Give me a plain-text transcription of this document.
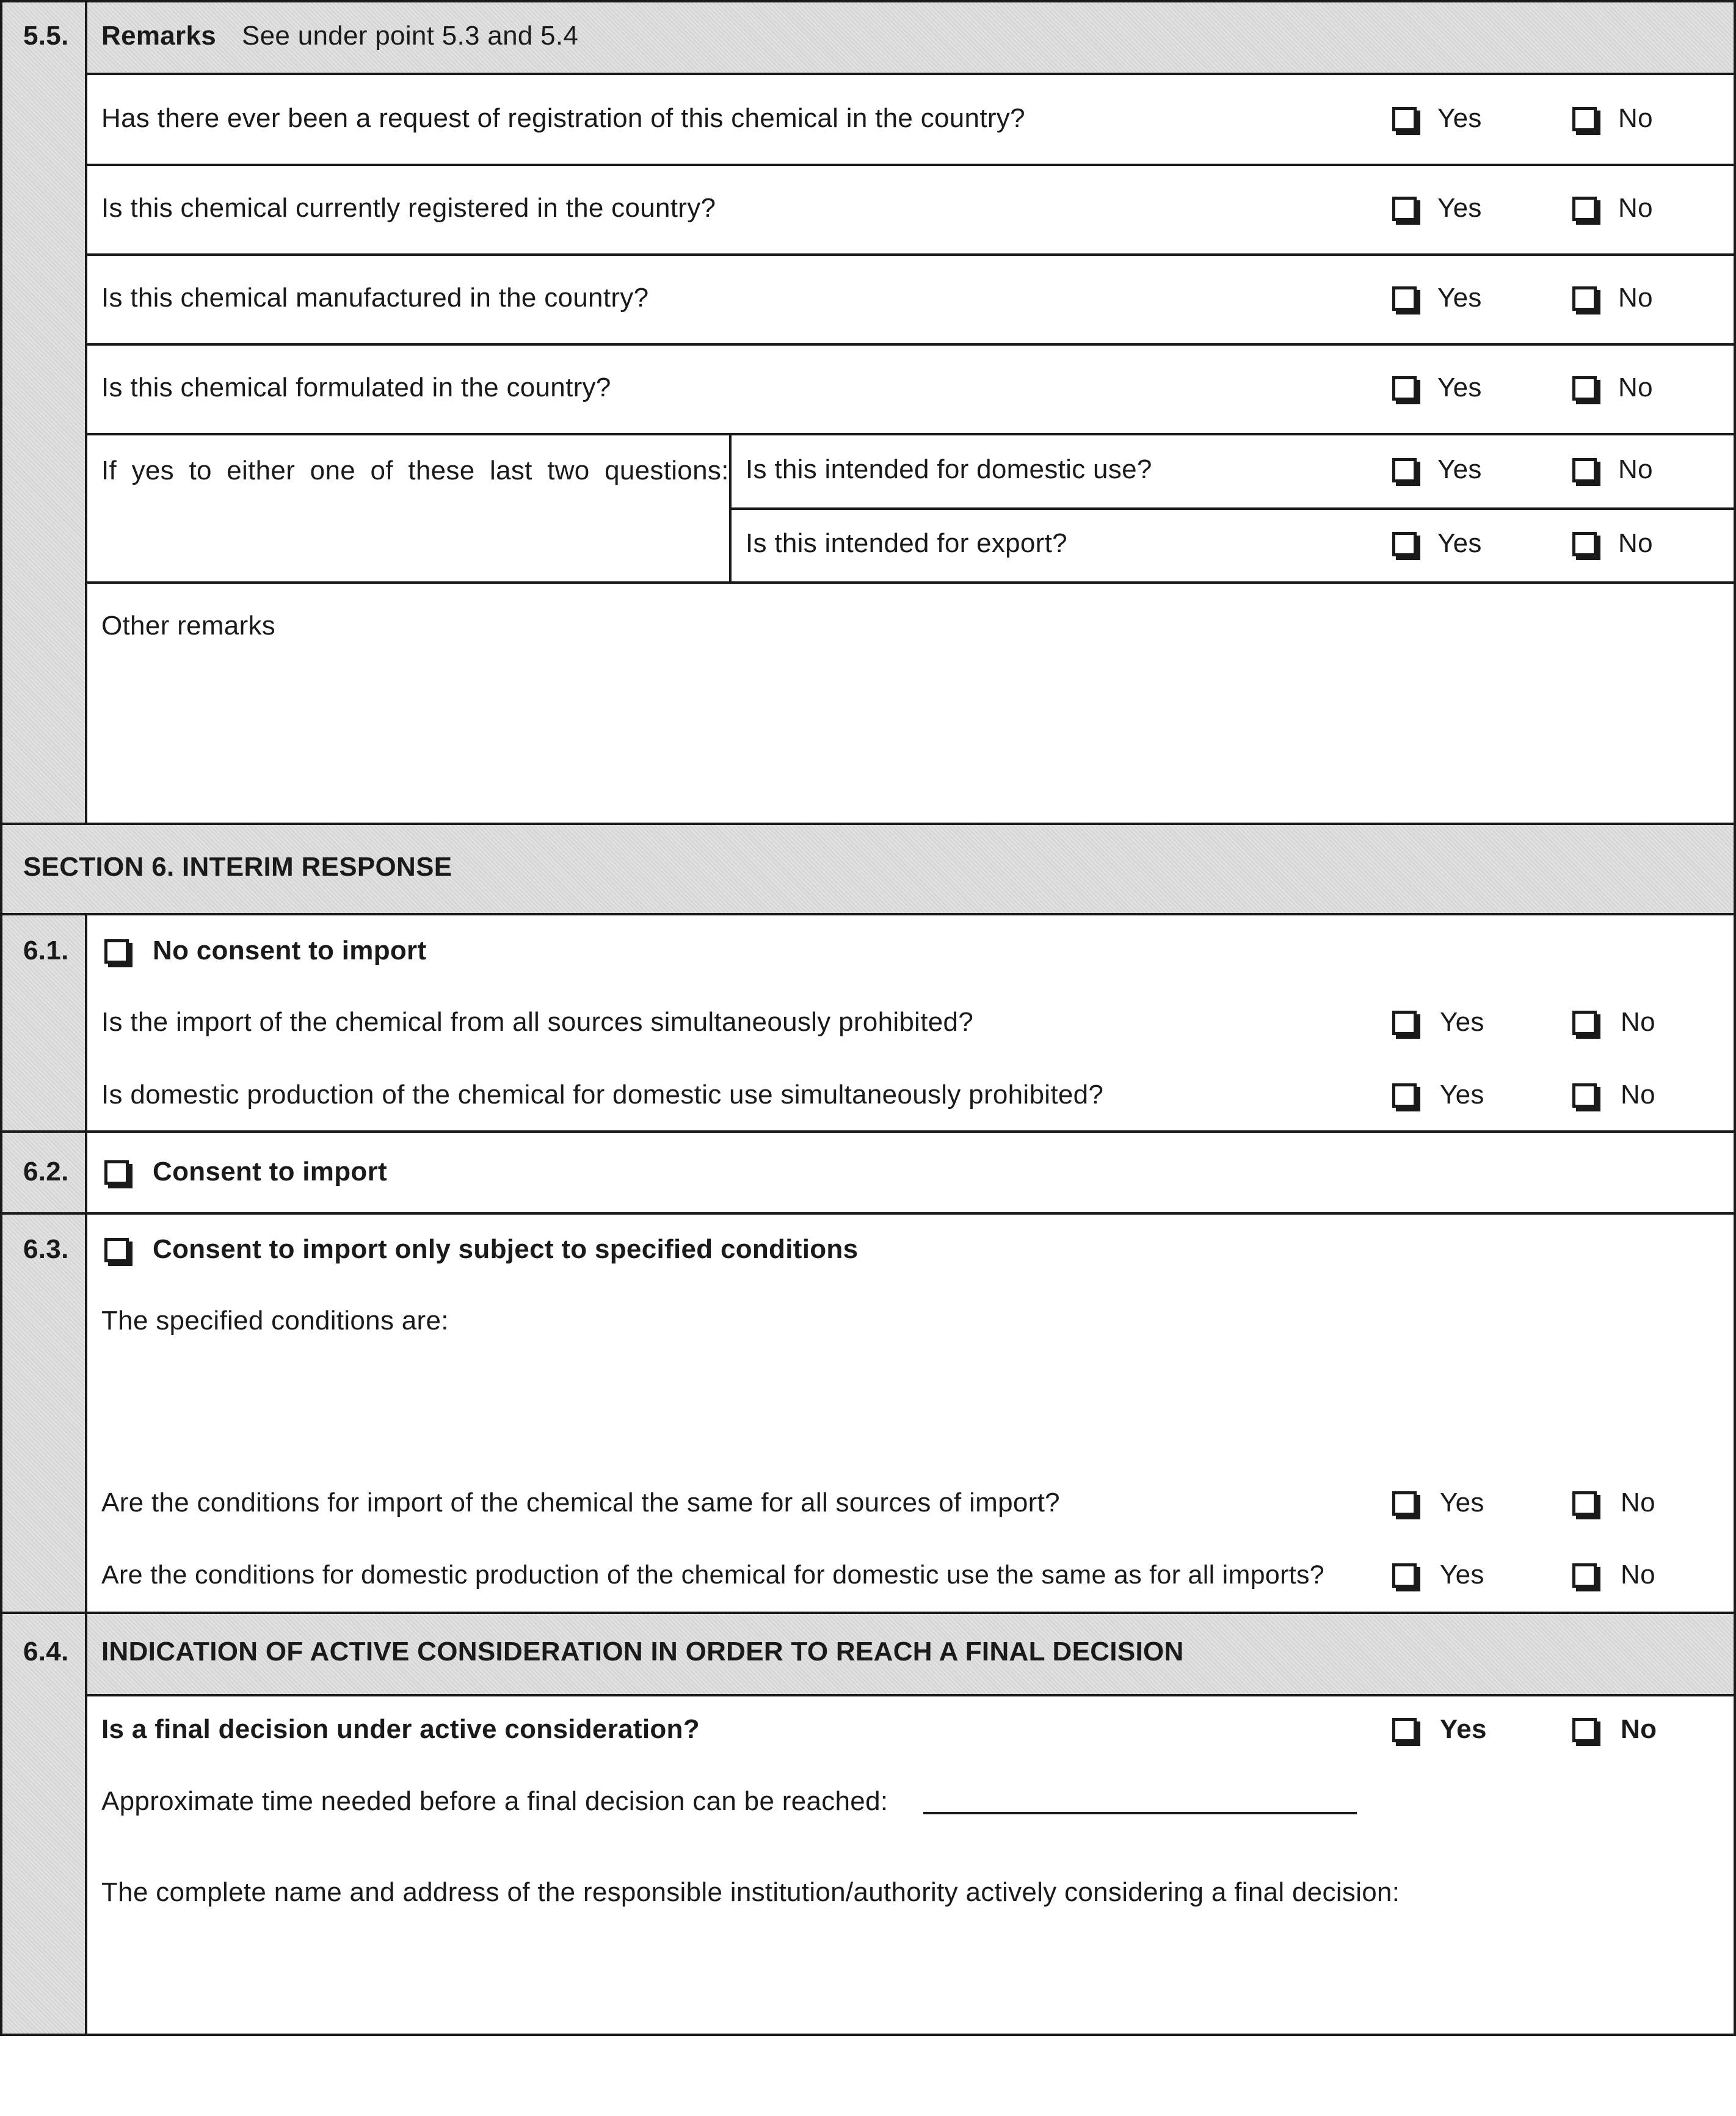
5.5. Remarks See under point 5.3 and 5.4
Has there ever been a request of registration of this chemical in the country?	Yes	No
Is this chemical currently registered in the country?	Yes	No
Is this chemical manufactured in the country?	Yes	No
Is this chemical formulated in the country?	Yes	No
If yes to either one of these last two questions: Is this intended for domestic use?	Yes	No
Is this intended for export?	Yes	No
Other remarks
SECTION 6. INTERIM RESPONSE
6.1.	No consent to import
Is the import of the chemical from all sources simultaneously prohibited?	Yes	No
Is domestic production of the chemical for domestic use simultaneously prohibited?	Yes	No
6.2.	Consent to import
6.3.	Consent to import only subject to specified conditions
The specified conditions are:
Are the conditions for import of the chemical the same for all sources of import?	Yes	No
Are the conditions for domestic production of the chemical for domestic use the same as for all imports?	Yes	No
6.4. INDICATION OF ACTIVE CONSIDERATION IN ORDER TO REACH A FINAL DECISION
Is a final decision under active consideration?	Yes	No
Approximate time needed before a final decision can be reached:
The complete name and address of the responsible institution/authority actively considering a final decision:
